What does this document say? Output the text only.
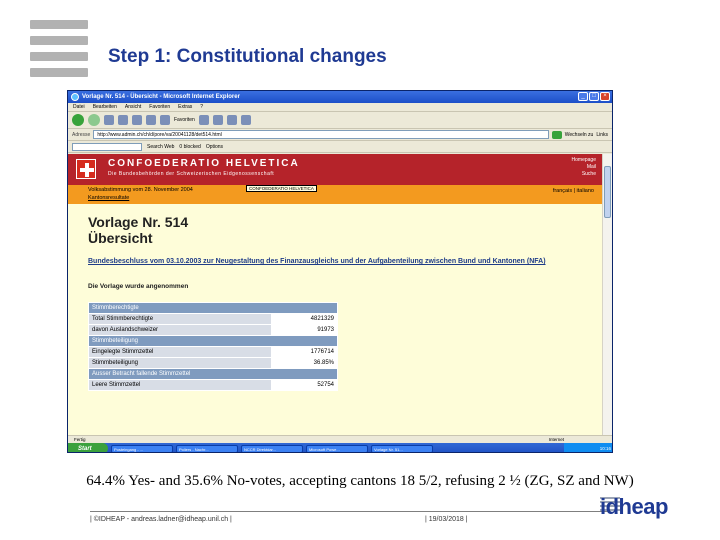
Step 1: Constitutional changes
Vorlage Nr. 514 - Übersicht - Microsoft Internet Explorer	_	□	×
Datei Bearbeiten Ansicht Favoriten Extras ?
Favoriten
Adresse	http://www.admin.ch/ch/d/pore/va/20041128/det514.html	Wechseln zu Links
Search Web 0 blocked Options
CONFOEDERATIO HELVETICA
Die Bundesbehörden der Schweizerischen Eidgenossenschaft
Homepage
Mail
Suche
CONFOEDERATIO HELVETICA
Volksabstimmung vom 28. November 2004
Kantonsresultate
français | italiano
Vorlage Nr. 514
Übersicht
Bundesbeschluss vom 03.10.2003 zur Neugestaltung des Finanzausgleichs und der Aufgabenteilung zwischen Bund und Kantonen (NFA)
Die Vorlage wurde angenommen
Stimmberechtigte	
Total Stimmberechtigte	4821329
davon Auslandschweizer	91973
Stimmbeteiligung	
Eingelegte Stimmzettel	1776714
Stimmbeteiligung	36.85%
Ausser Betracht fallende Stimmzettel	
Leere Stimmzettel	52754
Fertig	Internet
Start	Posteingang - ...	Poliers - Nachr...	NCCR Direktdar...	Microsoft Powe...	Vorlage Nr. 51...	10:16
64.4% Yes- and 35.6% No-votes, accepting cantons 18 5/2, refusing 2 ½ (ZG, SZ and NW)
| ©IDHEAP - andreas.ladner@idheap.unil.ch |	| 19/03/2018 |
idheap
